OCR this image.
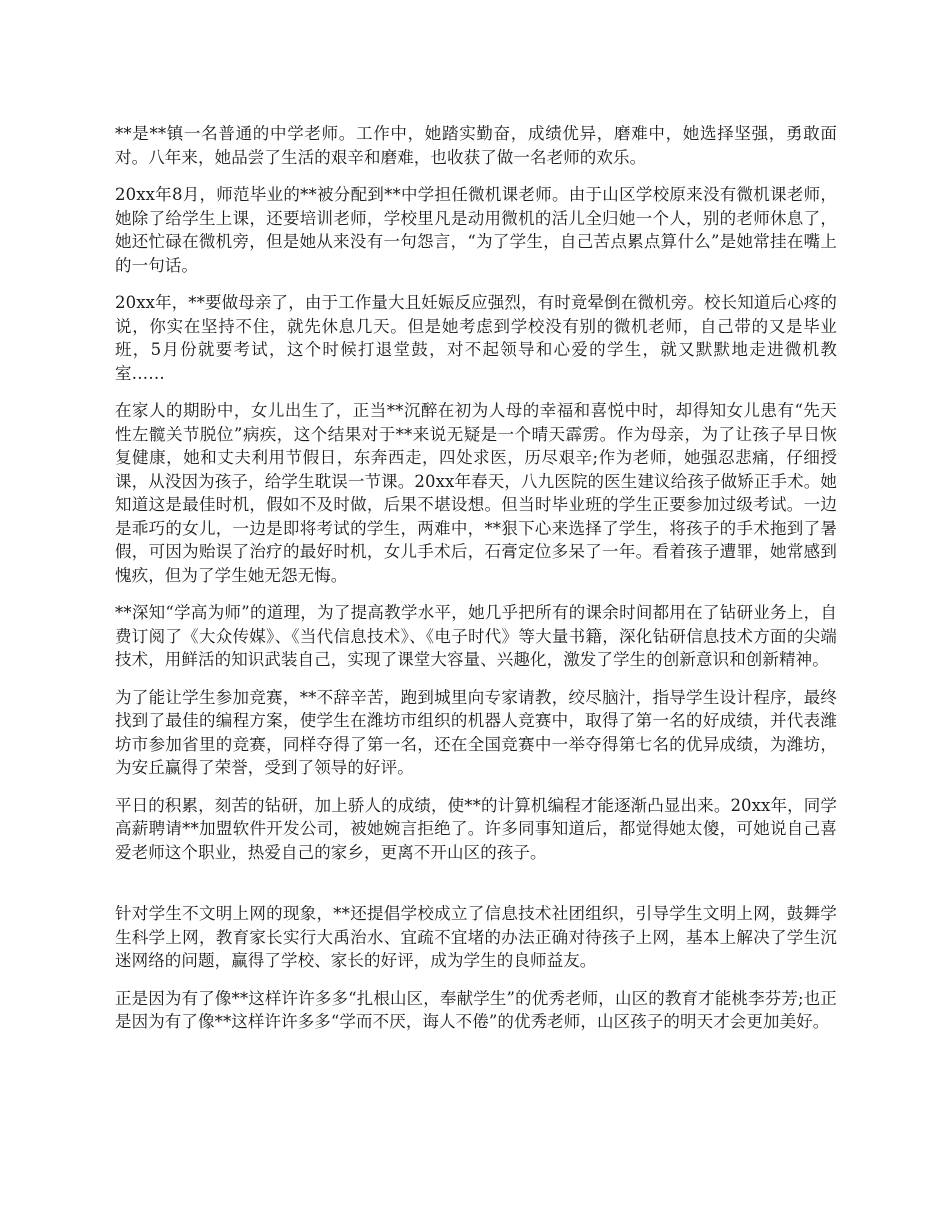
**是**镇一名普通的中学老师。工作中，她踏实勤奋，成绩优异，磨难中，她选择坚强，勇敢面对。八年来，她品尝了生活的艰辛和磨难，也收获了做一名老师的欢乐。

20xx年8月，师范毕业的**被分配到**中学担任微机课老师。由于山区学校原来没有微机课老师，她除了给学生上课，还要培训老师，学校里凡是动用微机的活儿全归她一个人，别的老师休息了，她还忙碌在微机旁，但是她从来没有一句怨言，“为了学生，自己苦点累点算什么”是她常挂在嘴上的一句话。

20xx年，**要做母亲了，由于工作量大且妊娠反应强烈，有时竟晕倒在微机旁。校长知道后心疼的说，你实在坚持不住，就先休息几天。但是她考虑到学校没有别的微机老师，自己带的又是毕业班，5月份就要考试，这个时候打退堂鼓，对不起领导和心爱的学生，就又默默地走进微机教室……

在家人的期盼中，女儿出生了，正当**沉醉在初为人母的幸福和喜悦中时，却得知女儿患有“先天性左髋关节脱位”病疾，这个结果对于**来说无疑是一个晴天霹雳。作为母亲，为了让孩子早日恢复健康，她和丈夫利用节假日，东奔西走，四处求医，历尽艰辛;作为老师，她强忍悲痛，仔细授课，从没因为孩子，给学生耽误一节课。20xx年春天，八九医院的医生建议给孩子做矫正手术。她知道这是最佳时机，假如不及时做，后果不堪设想。但当时毕业班的学生正要参加过级考试。一边是乖巧的女儿，一边是即将考试的学生，两难中，**狠下心来选择了学生，将孩子的手术拖到了暑假，可因为贻误了治疗的最好时机，女儿手术后，石膏定位多呆了一年。看着孩子遭罪，她常感到愧疚，但为了学生她无怨无悔。

**深知“学高为师”的道理，为了提高教学水平，她几乎把所有的课余时间都用在了钻研业务上，自费订阅了《大众传媒》、《当代信息技术》、《电子时代》等大量书籍，深化钻研信息技术方面的尖端技术，用鲜活的知识武装自己，实现了课堂大容量、兴趣化，激发了学生的创新意识和创新精神。

为了能让学生参加竞赛，**不辞辛苦，跑到城里向专家请教，绞尽脑汁，指导学生设计程序，最终找到了最佳的编程方案，使学生在潍坊市组织的机器人竞赛中，取得了第一名的好成绩，并代表潍坊市参加省里的竞赛，同样夺得了第一名，还在全国竞赛中一举夺得第七名的优异成绩，为潍坊，为安丘赢得了荣誉，受到了领导的好评。

平日的积累，刻苦的钻研，加上骄人的成绩，使**的计算机编程才能逐渐凸显出来。20xx年，同学高薪聘请**加盟软件开发公司，被她婉言拒绝了。许多同事知道后，都觉得她太傻，可她说自己喜爱老师这个职业，热爱自己的家乡，更离不开山区的孩子。

针对学生不文明上网的现象，**还提倡学校成立了信息技术社团组织，引导学生文明上网，鼓舞学生科学上网，教育家长实行大禹治水、宜疏不宜堵的办法正确对待孩子上网，基本上解决了学生沉迷网络的问题，赢得了学校、家长的好评，成为学生的良师益友。

正是因为有了像**这样许许多多“扎根山区，奉献学生”的优秀老师，山区的教育才能桃李芬芳;也正是因为有了像**这样许许多多“学而不厌，诲人不倦”的优秀老师，山区孩子的明天才会更加美好。
